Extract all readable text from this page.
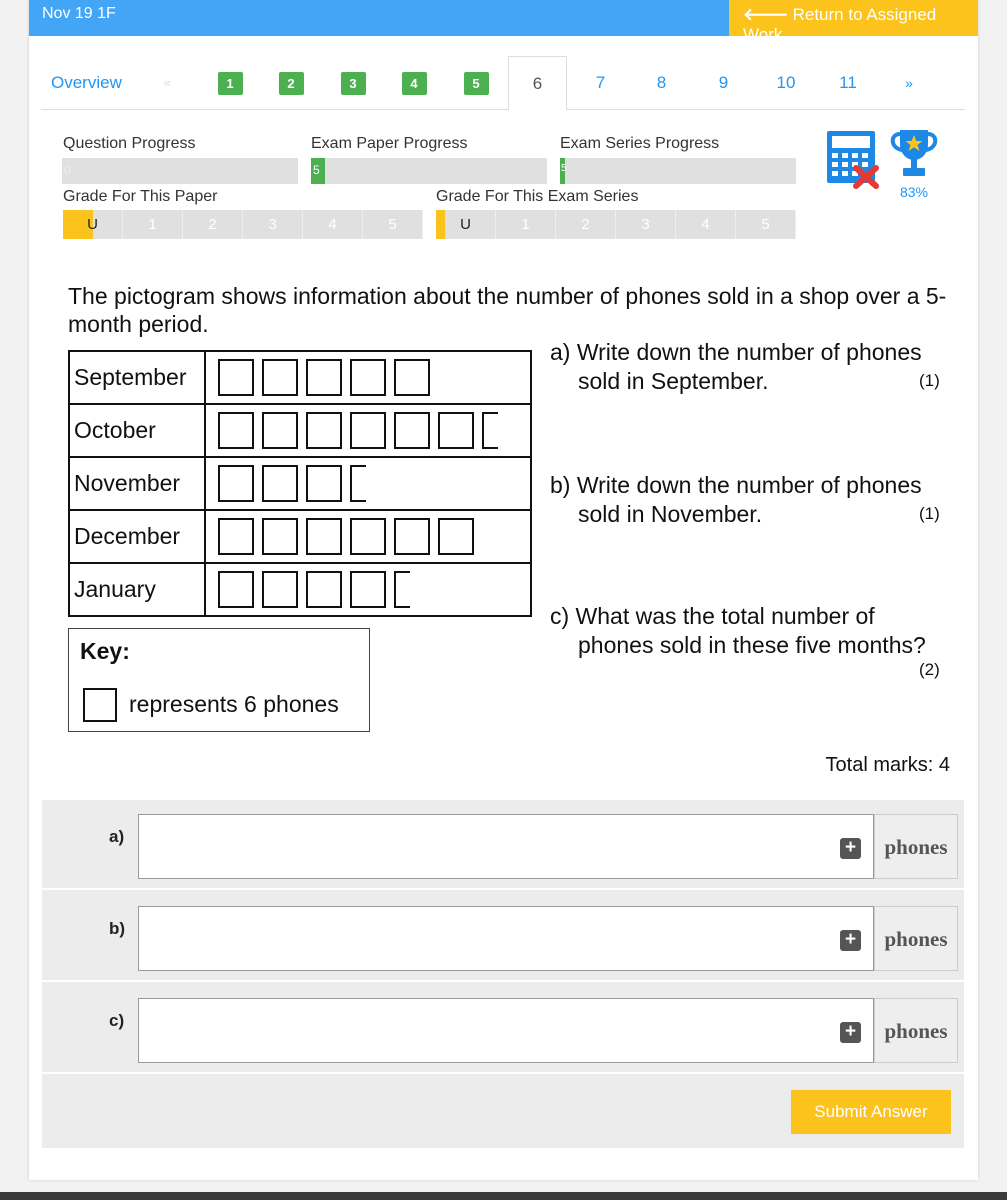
Nov 19 1F	🡐 Return to Assigned Work
Overview	«	1	2	3	4	5	6	7	8	9	10	11	»
Question Progress
0
Exam Paper Progress
5
Exam Series Progress
5
Grade For This Paper
U	1	2	3	4	5
Grade For This Exam Series
U	1	2	3	4	5
83%
The pictogram shows information about the number of phones sold in a shop over a 5-month period.
September	
October	
November	
December	
January	
Key:
represents 6 phones
a) Write down the number of phones
sold in September.	(1)
b) Write down the number of phones
sold in November.	(1)
c) What was the total number of
phones sold in these five months?
(2)
Total marks: 4
a)
+	phones
b)
+	phones
c)
+	phones
Submit Answer
